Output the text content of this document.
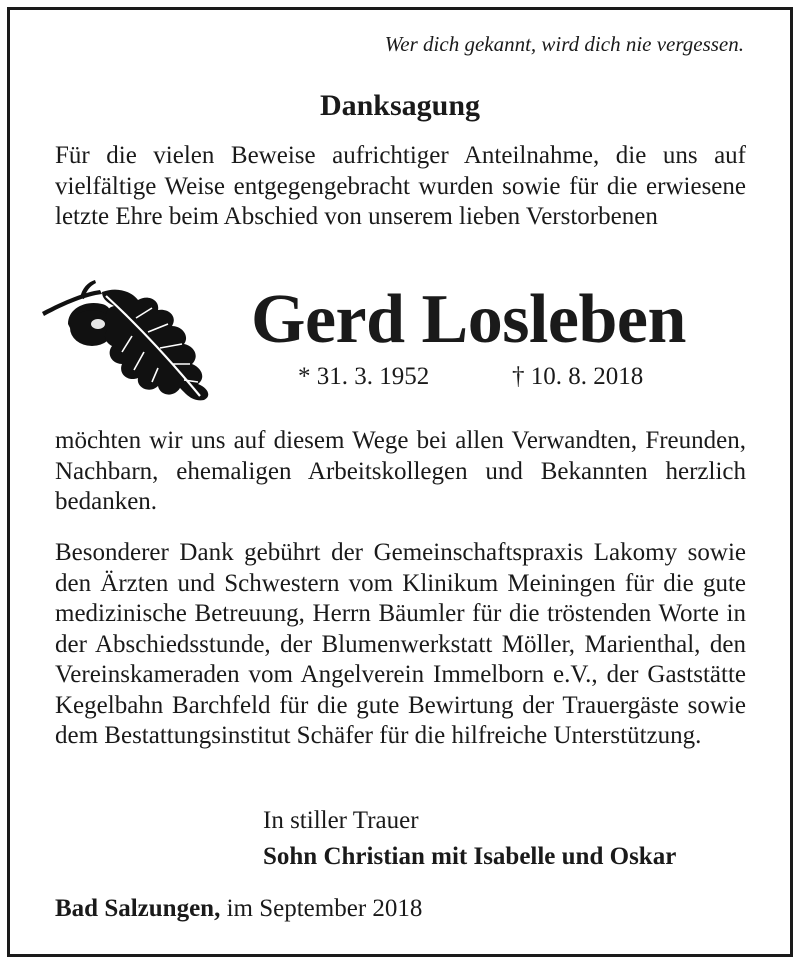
Wer dich gekannt, wird dich nie vergessen.
Danksagung
Für die vielen Beweise aufrichtiger Anteilnahme, die uns auf vielfältige Weise entgegengebracht wurden sowie für die erwiesene letzte Ehre beim Abschied von unserem lieben Verstorbenen
Gerd Losleben
* 31. 3. 1952	† 10. 8. 2018
möchten wir uns auf diesem Wege bei allen Verwandten, Freunden, Nachbarn, ehemaligen Arbeitskollegen und Bekannten herzlich bedanken.
Besonderer Dank gebührt der Gemeinschaftspraxis Lakomy sowie den Ärzten und Schwestern vom Klinikum Meiningen für die gute medizinische Betreuung, Herrn Bäumler für die tröstenden Worte in der Abschiedsstunde, der Blumenwerkstatt Möller, Marienthal, den Vereinskameraden vom Angelverein Immelborn e.V., der Gaststätte Kegelbahn Barchfeld für die gute Bewirtung der Trauergäste sowie dem Bestattungsinstitut Schäfer für die hilfreiche Unterstützung.
In stiller Trauer
Sohn Christian mit Isabelle und Oskar
Bad Salzungen, im September 2018
